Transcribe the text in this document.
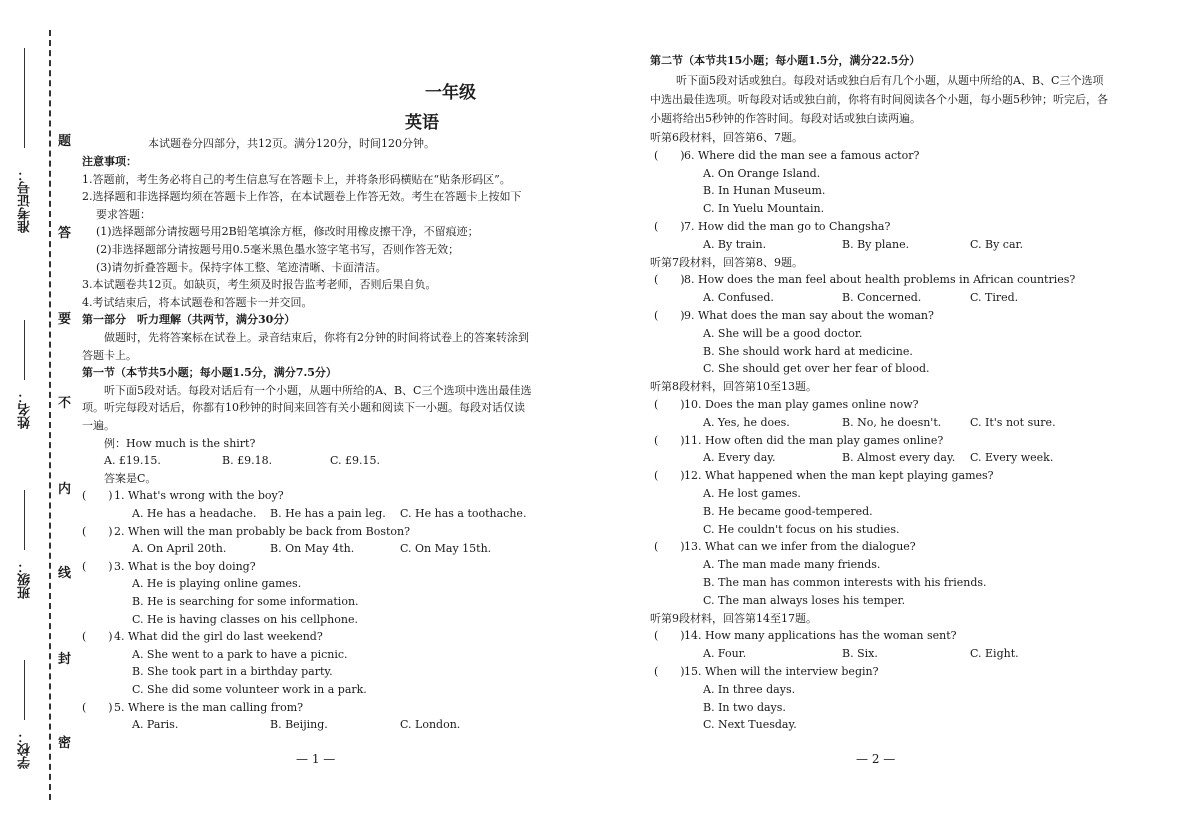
准考证号：
姓名：
班级：
学校：
题
答
要
不
内
线
封
密
一年级
英语
本试题卷分四部分，共12页。满分120分，时间120分钟。
注意事项：
1.答题前，考生务必将自己的考生信息写在答题卡上，并将条形码横贴在“贴条形码区”。
2.选择题和非选择题均须在答题卡上作答，在本试题卷上作答无效。考生在答题卡上按如下
要求答题：
(1)选择题部分请按题号用2B铅笔填涂方框，修改时用橡皮擦干净，不留痕迹；
(2)非选择题部分请按题号用0.5毫米黑色墨水签字笔书写，否则作答无效；
(3)请勿折叠答题卡。保持字体工整、笔迹清晰、卡面清洁。
3.本试题卷共12页。如缺页，考生须及时报告监考老师，否则后果自负。
4.考试结束后，将本试题卷和答题卡一并交回。
第一部分　听力理解（共两节，满分30分）
做题时，先将答案标在试卷上。录音结束后，你将有2分钟的时间将试卷上的答案转涂到
答题卡上。
第一节（本节共5小题；每小题1.5分，满分7.5分）
听下面5段对话。每段对话后有一个小题，从题中所给的A、B、C三个选项中选出最佳选
项。听完每段对话后，你都有10秒钟的时间来回答有关小题和阅读下一小题。每段对话仅读
一遍。
例：How much is the shirt?
A. £19.15.	B. £9.18.	C. £9.15.
答案是C。
(  ) 1. What's wrong with the boy?
A. He has a headache. B. He has a pain leg. C. He has a toothache.
(  ) 2. When will the man probably be back from Boston?
A. On April 20th.	B. On May 4th.	C. On May 15th.
(  ) 3. What is the boy doing?
A. He is playing online games.
B. He is searching for some information.
C. He is having classes on his cellphone.
(  ) 4. What did the girl do last weekend?
A. She went to a park to have a picnic.
B. She took part in a birthday party.
C. She did some volunteer work in a park.
(  ) 5. Where is the man calling from?
A. Paris.	B. Beijing.	C. London.
— 1 —
第二节（本节共15小题；每小题1.5分，满分22.5分）
听下面5段对话或独白。每段对话或独白后有几个小题，从题中所给的A、B、C三个选项
中选出最佳选项。听每段对话或独白前，你将有时间阅读各个小题，每小题5秒钟；听完后，各
小题将给出5秒钟的作答时间。每段对话或独白读两遍。
听第6段材料，回答第6、7题。
(  ) 6. Where did the man see a famous actor?
A. On Orange Island.
B. In Hunan Museum.
C. In Yuelu Mountain.
(  ) 7. How did the man go to Changsha?
A. By train.	B. By plane.	C. By car.
听第7段材料，回答第8、9题。
(  ) 8. How does the man feel about health problems in African countries?
A. Confused.	B. Concerned.	C. Tired.
(  ) 9. What does the man say about the woman?
A. She will be a good doctor.
B. She should work hard at medicine.
C. She should get over her fear of blood.
听第8段材料，回答第10至13题。
(  ) 10. Does the man play games online now?
A. Yes, he does.	B. No, he doesn't.	C. It's not sure.
(  ) 11. How often did the man play games online?
A. Every day.	B. Almost every day. C. Every week.
(  ) 12. What happened when the man kept playing games?
A. He lost games.
B. He became good-tempered.
C. He couldn't focus on his studies.
(  ) 13. What can we infer from the dialogue?
A. The man made many friends.
B. The man has common interests with his friends.
C. The man always loses his temper.
听第9段材料，回答第14至17题。
(  ) 14. How many applications has the woman sent?
A. Four.	B. Six.	C. Eight.
(  ) 15. When will the interview begin?
A. In three days.
B. In two days.
C. Next Tuesday.
— 2 —
